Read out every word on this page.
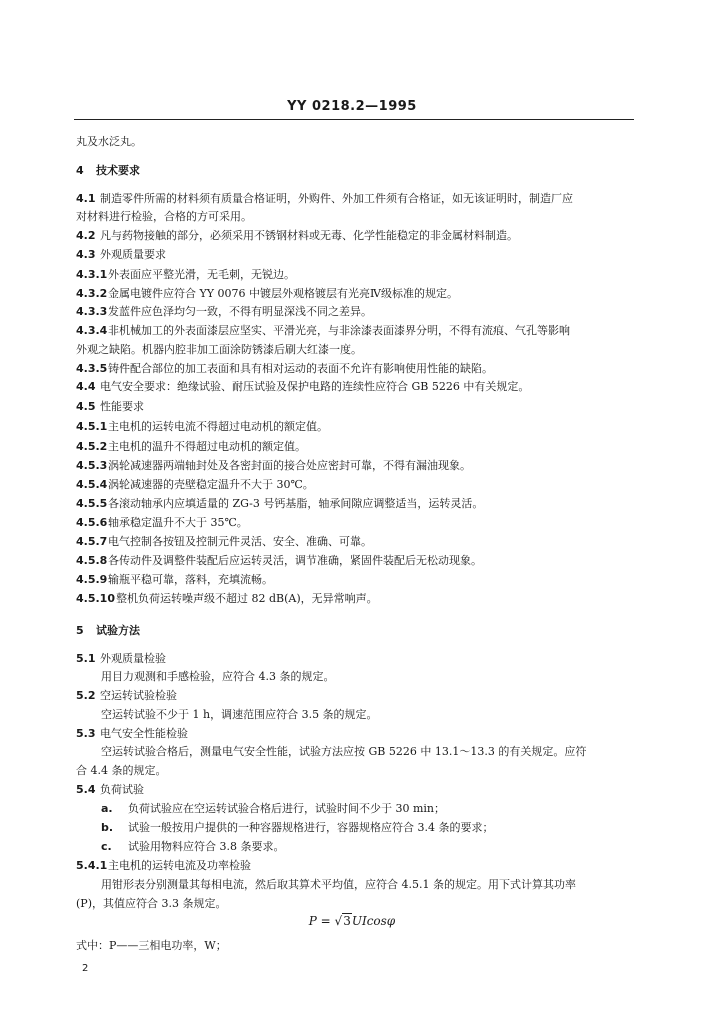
YY 0218.2—1995
丸及水泛丸。
4 技术要求
4.1 制造零件所需的材料须有质量合格证明，外购件、外加工件须有合格证，如无该证明时，制造厂应
对材料进行检验，合格的方可采用。
4.2 凡与药物接触的部分，必须采用不锈钢材料或无毒、化学性能稳定的非金属材料制造。
4.3 外观质量要求
4.3.1外表面应平整光滑，无毛刺，无锐边。
4.3.2金属电镀件应符合 YY 0076 中镀层外观格镀层有光亮Ⅳ级标准的规定。
4.3.3发蓝件应色泽均匀一致，不得有明显深浅不同之差异。
4.3.4非机械加工的外表面漆层应坚实、平滑光亮，与非涂漆表面漆界分明，不得有流痕、气孔等影响
外观之缺陷。机器内腔非加工面涂防锈漆后刷大红漆一度。
4.3.5铸件配合部位的加工表面和具有相对运动的表面不允许有影响使用性能的缺陷。
4.4 电气安全要求：绝缘试验、耐压试验及保护电路的连续性应符合 GB 5226 中有关规定。
4.5 性能要求
4.5.1主电机的运转电流不得超过电动机的额定值。
4.5.2主电机的温升不得超过电动机的额定值。
4.5.3涡轮减速器两端轴封处及各密封面的接合处应密封可靠，不得有漏油现象。
4.5.4涡轮减速器的壳壁稳定温升不大于 30℃。
4.5.5各滚动轴承内应填适量的 ZG-3 号钙基脂，轴承间隙应调整适当，运转灵活。
4.5.6轴承稳定温升不大于 35℃。
4.5.7电气控制各按钮及控制元件灵活、安全、准确、可靠。
4.5.8各传动件及调整件装配后应运转灵活，调节准确，紧固件装配后无松动现象。
4.5.9输瓶平稳可靠，落料，充填流畅。
4.5.10整机负荷运转噪声级不超过 82 dB(A)，无异常响声。
5 试验方法
5.1 外观质量检验
用目力观测和手感检验，应符合 4.3 条的规定。
5.2 空运转试验检验
空运转试验不少于 1 h，调速范围应符合 3.5 条的规定。
5.3 电气安全性能检验
空运转试验合格后，测量电气安全性能，试验方法应按 GB 5226 中 13.1～13.3 的有关规定。应符
合 4.4 条的规定。
5.4 负荷试验
a. 负荷试验应在空运转试验合格后进行，试验时间不少于 30 min；
b. 试验一般按用户提供的一种容器规格进行，容器规格应符合 3.4 条的要求；
c. 试验用物料应符合 3.8 条要求。
5.4.1主电机的运转电流及功率检验
用钳形表分别测量其每相电流，然后取其算术平均值，应符合 4.5.1 条的规定。用下式计算其功率
(P)，其值应符合 3.3 条规定。
P = √3UIcosφ
式中：P——三相电功率，W；
2
